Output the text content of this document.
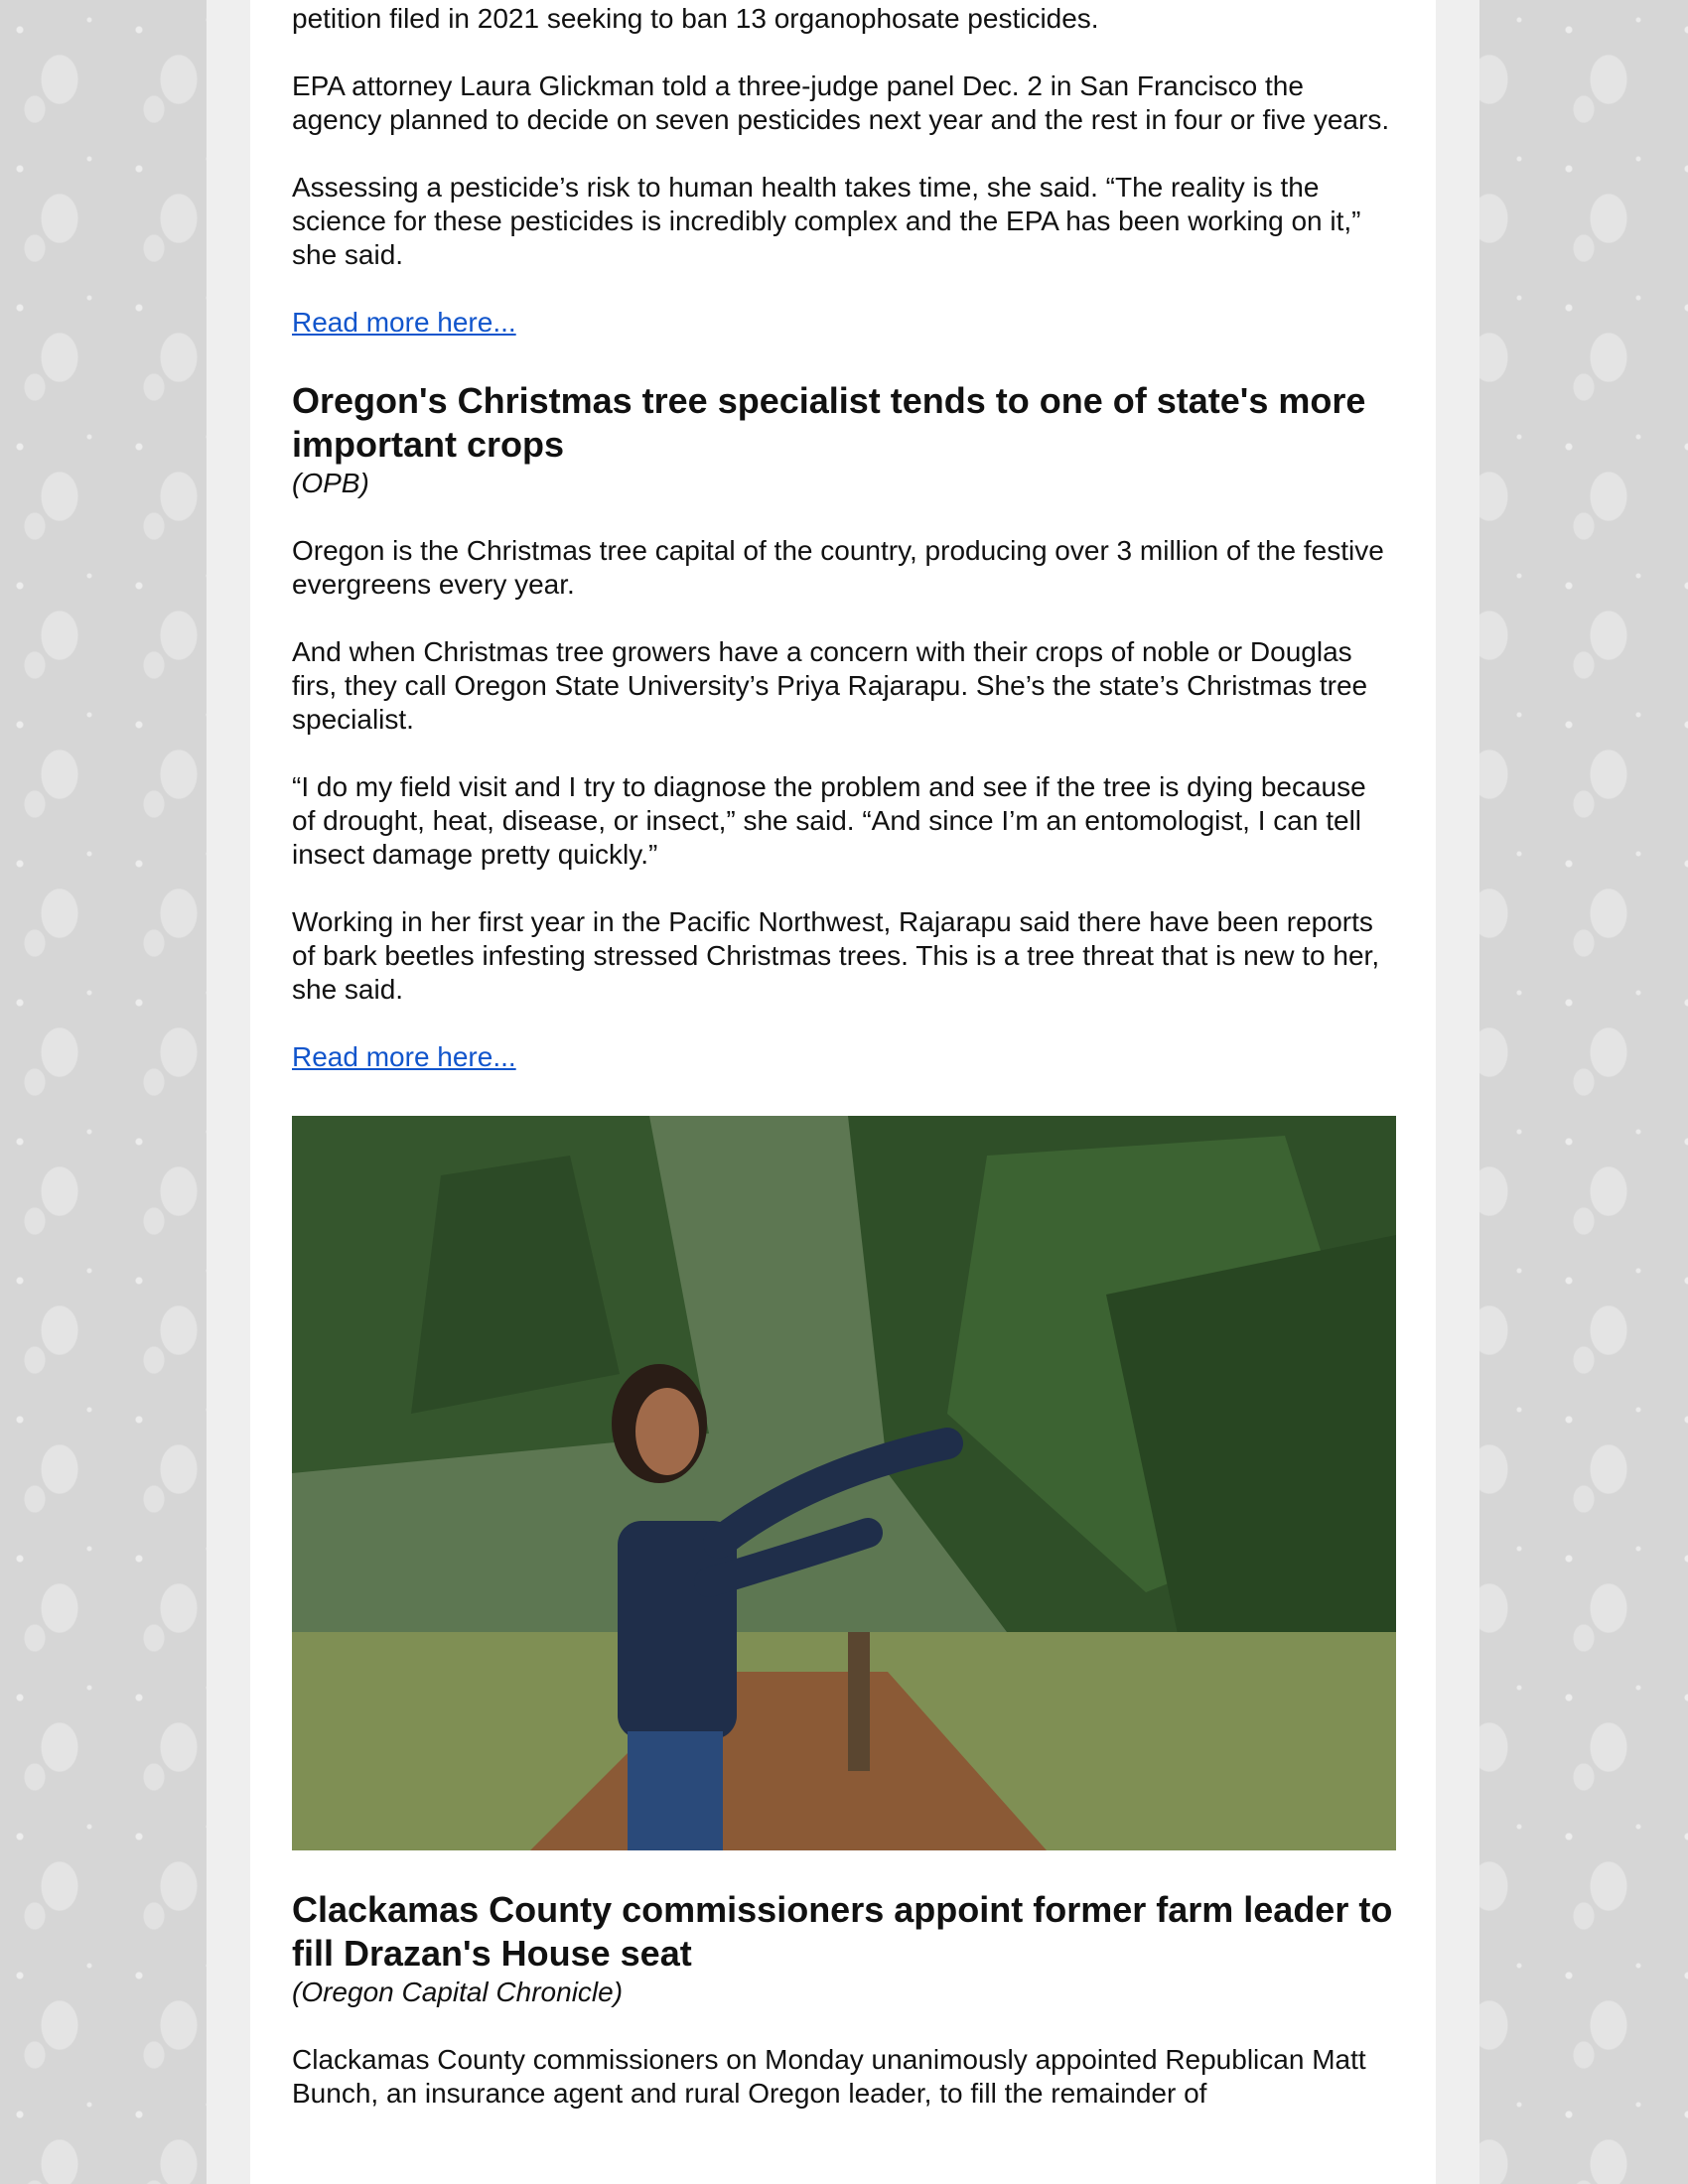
petition filed in 2021 seeking to ban 13 organophosate pesticides.

EPA attorney Laura Glickman told a three-judge panel Dec. 2 in San Francisco the agency planned to decide on seven pesticides next year and the rest in four or five years.

Assessing a pesticide’s risk to human health takes time, she said. “The reality is the science for these pesticides is incredibly complex and the EPA has been working on it,” she said.

Read more here...
Oregon's Christmas tree specialist tends to one of state's more important crops
(OPB)

Oregon is the Christmas tree capital of the country, producing over 3 million of the festive evergreens every year.

And when Christmas tree growers have a concern with their crops of noble or Douglas firs, they call Oregon State University’s Priya Rajarapu. She’s the state’s Christmas tree specialist.

“I do my field visit and I try to diagnose the problem and see if the tree is dying because of drought, heat, disease, or insect,” she said. “And since I’m an entomologist, I can tell insect damage pretty quickly.”

Working in her first year in the Pacific Northwest, Rajarapu said there have been reports of bark beetles infesting stressed Christmas trees. This is a tree threat that is new to her, she said.

Read more here...
Clackamas County commissioners appoint former farm leader to fill Drazan's House seat
(Oregon Capital Chronicle)

Clackamas County commissioners on Monday unanimously appointed Republican Matt Bunch, an insurance agent and rural Oregon leader, to fill the remainder of
